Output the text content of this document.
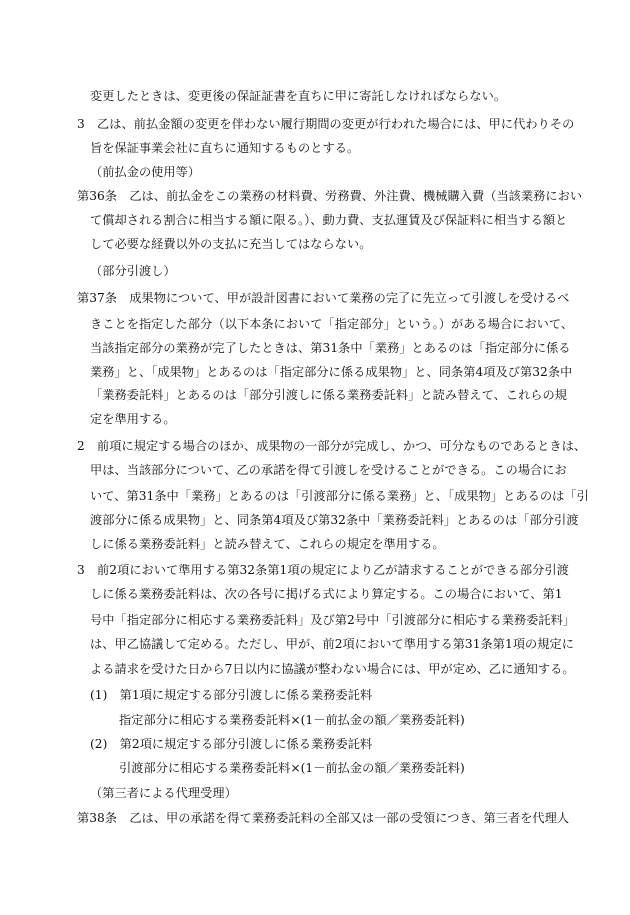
変更したときは、変更後の保証証書を直ちに甲に寄託しなければならない。
3　乙は、前払金額の変更を伴わない履行期間の変更が行われた場合には、甲に代わりその
旨を保証事業会社に直ちに通知するものとする。
（前払金の使用等）
第36条　乙は、前払金をこの業務の材料費、労務費、外注費、機械購入費（当該業務におい
て償却される割合に相当する額に限る。）、動力費、支払運賃及び保証料に相当する額と
して必要な経費以外の支払に充当してはならない。
（部分引渡し）
第37条　成果物について、甲が設計図書において業務の完了に先立って引渡しを受けるべ
きことを指定した部分（以下本条において「指定部分」という。）がある場合において、
当該指定部分の業務が完了したときは、第31条中「業務」とあるのは「指定部分に係る
業務」と、「成果物」とあるのは「指定部分に係る成果物」と、同条第4項及び第32条中
「業務委託料」とあるのは「部分引渡しに係る業務委託料」と読み替えて、これらの規
定を準用する。
2　前項に規定する場合のほか、成果物の一部分が完成し、かつ、可分なものであるときは、
甲は、当該部分について、乙の承諾を得て引渡しを受けることができる。この場合にお
いて、第31条中「業務」とあるのは「引渡部分に係る業務」と、「成果物」とあるのは「引
渡部分に係る成果物」と、同条第4項及び第32条中「業務委託料」とあるのは「部分引渡
しに係る業務委託料」と読み替えて、これらの規定を準用する。
3　前2項において準用する第32条第1項の規定により乙が請求することができる部分引渡
しに係る業務委託料は、次の各号に掲げる式により算定する。この場合において、第1
号中「指定部分に相応する業務委託料」及び第2号中「引渡部分に相応する業務委託料」
は、甲乙協議して定める。ただし、甲が、前2項において準用する第31条第1項の規定に
よる請求を受けた日から7日以内に協議が整わない場合には、甲が定め、乙に通知する。
(1)　第1項に規定する部分引渡しに係る業務委託料
指定部分に相応する業務委託料×(1－前払金の額／業務委託料)
(2)　第2項に規定する部分引渡しに係る業務委託料
引渡部分に相応する業務委託料×(1－前払金の額／業務委託料)
（第三者による代理受理）
第38条　乙は、甲の承諾を得て業務委託料の全部又は一部の受領につき、第三者を代理人
